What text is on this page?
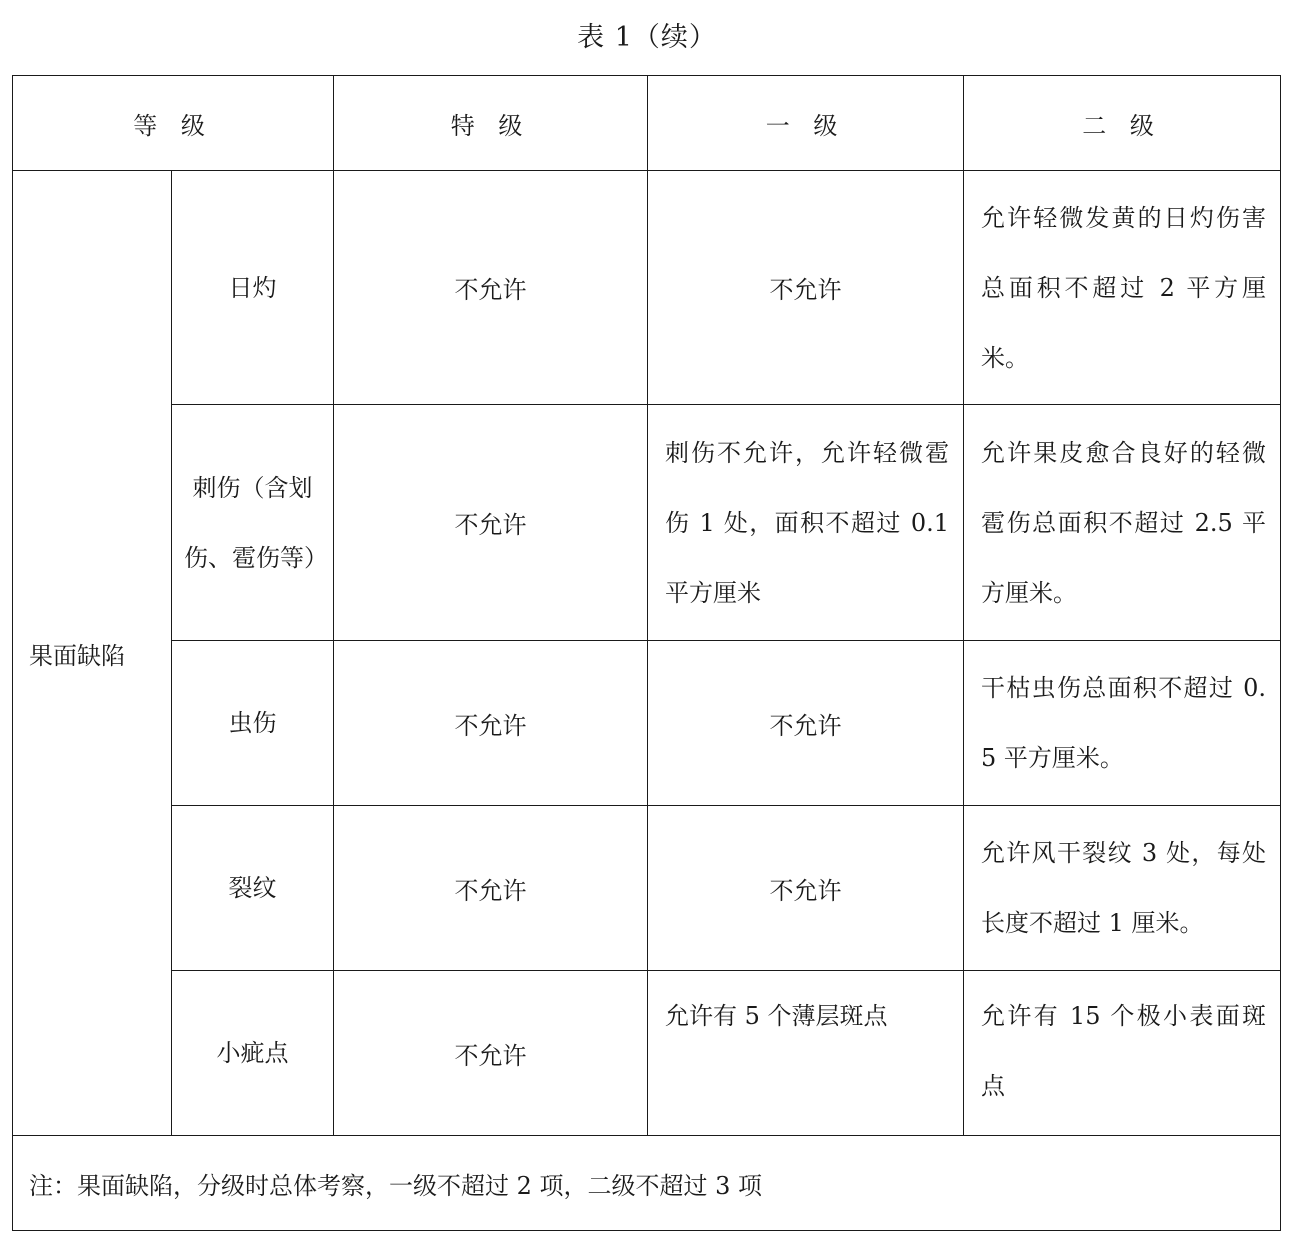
表 1（续）
等 级		特 级	一 级	二 级
果面缺陷	日灼	不允许	不允许	允许轻微发黄的日灼伤害总面积不超过 2 平方厘米。
	刺伤（含划伤、雹伤等）	不允许	刺伤不允许，允许轻微雹伤 1 处，面积不超过 0.1 平方厘米	允许果皮愈合良好的轻微雹伤总面积不超过 2.5 平方厘米。
	虫伤	不允许	不允许	干枯虫伤总面积不超过 0.5 平方厘米。
	裂纹	不允许	不允许	允许风干裂纹 3 处，每处长度不超过 1 厘米。
	小疵点	不允许	允许有 5 个薄层斑点	允许有 15 个极小表面斑点
注：果面缺陷，分级时总体考察，一级不超过 2 项，二级不超过 3 项				
